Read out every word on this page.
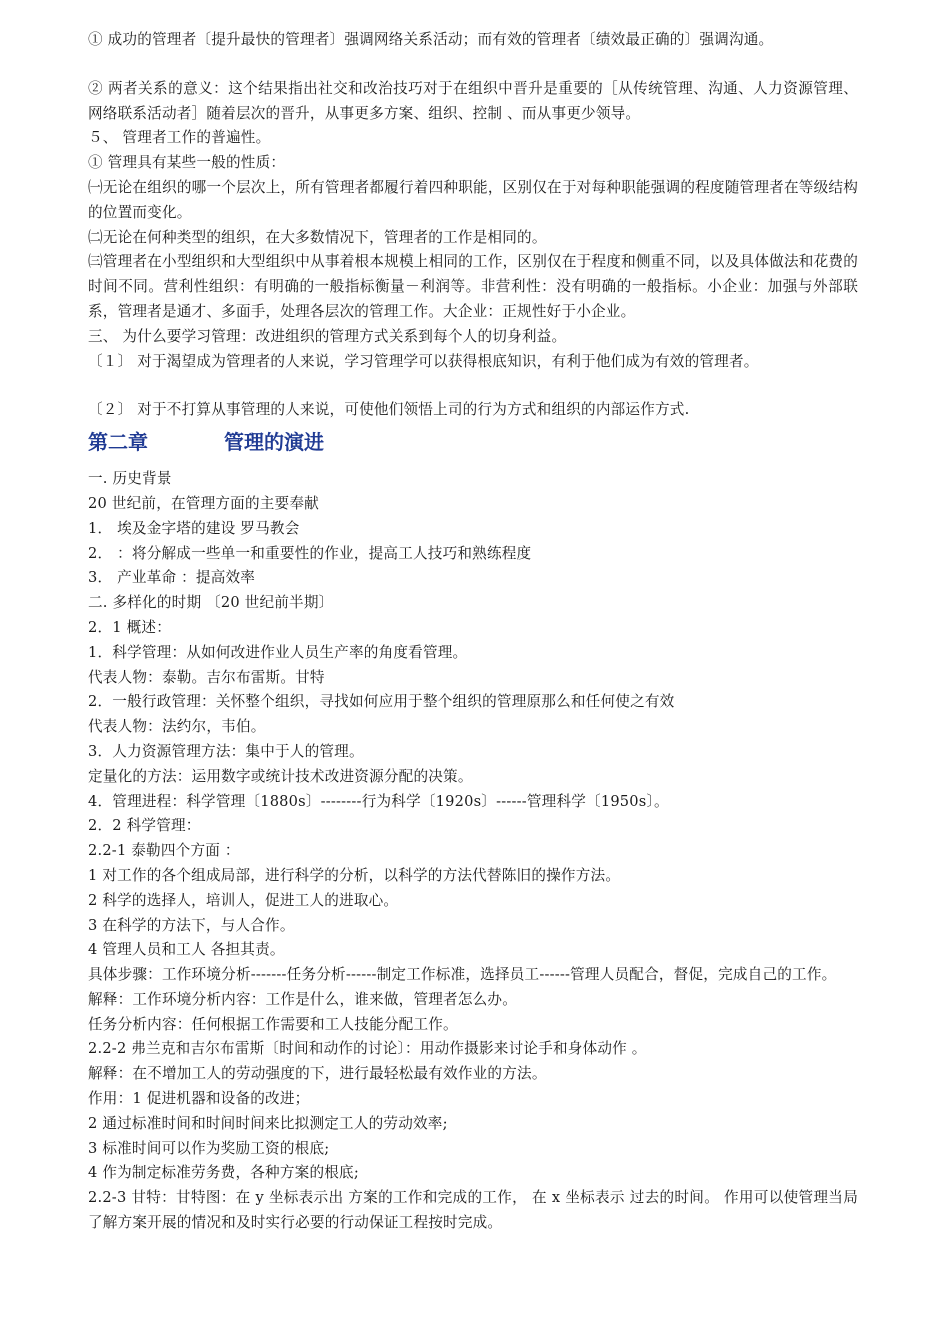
① 成功的管理者〔提升最快的管理者〕强调网络关系活动；而有效的管理者〔绩效最正确的〕强调沟通。
② 两者关系的意义：这个结果指出社交和改治技巧对于在组织中晋升是重要的［从传统管理、沟通、人力资源管理、网络联系活动者］随着层次的晋升，从事更多方案、组织、控制 、而从事更少领导。
５、 管理者工作的普遍性。
① 管理具有某些一般的性质：
㈠无论在组织的哪一个层次上，所有管理者都履行着四种职能，区别仅在于对每种职能强调的程度随管理者在等级结构的位置而变化。
㈡无论在何种类型的组织，在大多数情况下，管理者的工作是相同的。
㈢管理者在小型组织和大型组织中从事着根本规模上相同的工作，区别仅在于程度和侧重不同，以及具体做法和花费的时间不同。营利性组织：有明确的一般指标衡量－利润等。非营利性：没有明确的一般指标。小企业：加强与外部联系，管理者是通才、多面手，处理各层次的管理工作。大企业：正规性好于小企业。
三、 为什么要学习管理：改进组织的管理方式关系到每个人的切身利益。
〔１〕 对于渴望成为管理者的人来说，学习管理学可以获得根底知识，有利于他们成为有效的管理者。
〔２〕 对于不打算从事管理的人来说，可使他们领悟上司的行为方式和组织的内部运作方式.
第二章	管理的演进
一. 历史背景
20 世纪前，在管理方面的主要奉献
1． 埃及金字塔的建设 罗马教会
2． ：将分解成一些单一和重要性的作业，提高工人技巧和熟练程度
3． 产业革命 ：提高效率
二. 多样化的时期 〔20 世纪前半期〕
2．1 概述：
1．科学管理：从如何改进作业人员生产率的角度看管理。
代表人物：泰勒。吉尔布雷斯。甘特
2．一般行政管理：关怀整个组织，寻找如何应用于整个组织的管理原那么和任何使之有效
代表人物：法约尔，韦伯。
3．人力资源管理方法：集中于人的管理。
定量化的方法：运用数字或统计技术改进资源分配的决策。
4．管理进程：科学管理〔1880s〕--------行为科学〔1920s〕------管理科学〔1950s〕。
2．2 科学管理：
2.2-1 泰勒四个方面 ：
1 对工作的各个组成局部，进行科学的分析，以科学的方法代替陈旧的操作方法。
2 科学的选择人，培训人，促进工人的进取心。
3 在科学的方法下，与人合作。
4 管理人员和工人 各担其责。
具体步骤：工作环境分析-------任务分析------制定工作标准，选择员工------管理人员配合，督促，完成自己的工作。
解释：工作环境分析内容：工作是什么，谁来做，管理者怎么办。
任务分析内容：任何根据工作需要和工人技能分配工作。
2.2-2 弗兰克和吉尔布雷斯〔时间和动作的讨论〕：用动作摄影来讨论手和身体动作 。
解释：在不增加工人的劳动强度的下，进行最轻松最有效作业的方法。
作用：1 促进机器和设备的改进；
2 通过标准时间和时间时间来比拟测定工人的劳动效率;
3 标准时间可以作为奖励工资的根底;
4 作为制定标准劳务费，各种方案的根底;
2.2-3 甘特：甘特图：在 y 坐标表示出 方案的工作和完成的工作， 在 x 坐标表示 过去的时间。 作用可以使管理当局了解方案开展的情况和及时实行必要的行动保证工程按时完成。
